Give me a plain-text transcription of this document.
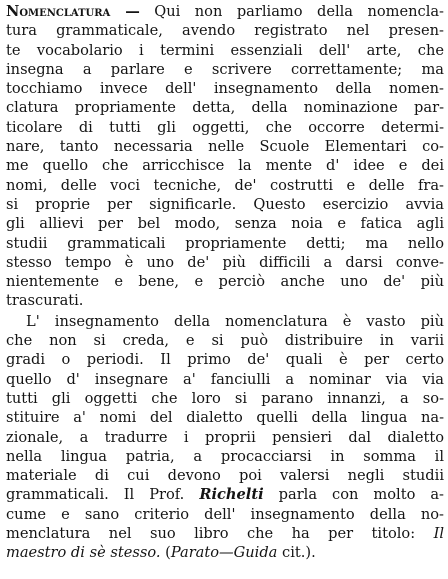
Nomenclatura — Qui non parliamo della nomencla-
tura grammaticale, avendo registrato nel presen-
te vocabolario i termini essenziali dell' arte, che
insegna a parlare e scrivere correttamente; ma
tocchiamo invece dell' insegnamento della nomen-
clatura propriamente detta, della nominazione par-
ticolare di tutti gli oggetti, che occorre determi-
nare, tanto necessaria nelle Scuole Elementari co-
me quello che arricchisce la mente d' idee e dei
nomi, delle voci tecniche, de' costrutti e delle fra-
si proprie per significarle. Questo esercizio avvia
gli allievi per bel modo, senza noia e fatica agli
studii grammaticali propriamente detti; ma nello
stesso tempo è uno de' più difficili a darsi conve-
nientemente e bene, e perciò anche uno de' più
trascurati.
L' insegnamento della nomenclatura è vasto più
che non si creda, e si può distribuire in varii
gradi o periodi. Il primo de' quali è per certo
quello d' insegnare a' fanciulli a nominar via via
tutti gli oggetti che loro si parano innanzi, a so-
stituire a' nomi del dialetto quelli della lingua na-
zionale, a tradurre i proprii pensieri dal dialetto
nella lingua patria, a procacciarsi in somma il
materiale di cui devono poi valersi negli studii
grammaticali. Il Prof. Richelti parla con molto a-
cume e sano criterio dell' insegnamento della no-
menclatura nel suo libro che ha per titolo: Il
maestro di sè stesso. (Parato—Guida cit.).
